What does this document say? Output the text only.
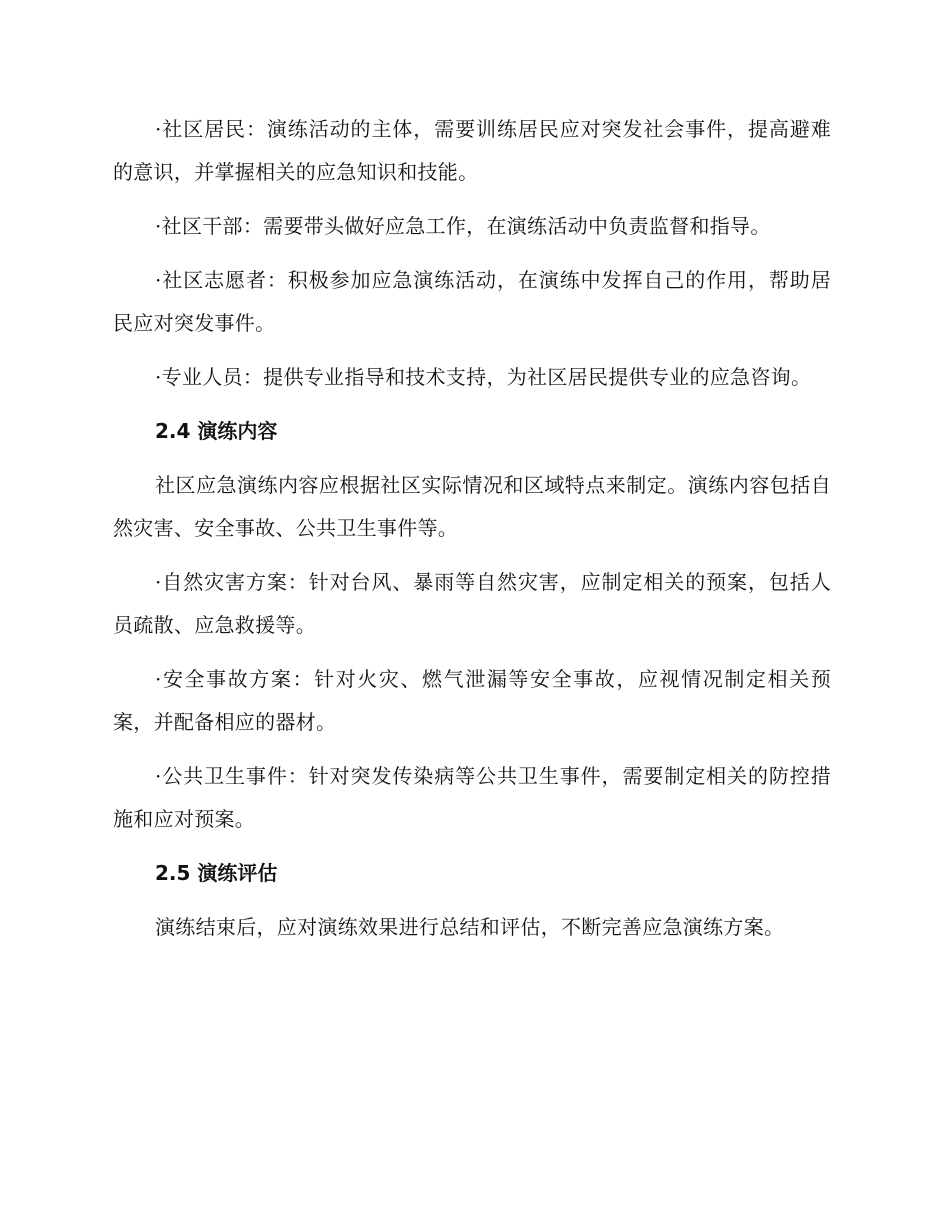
·社区居民：演练活动的主体，需要训练居民应对突发社会事件，提高避难的意识，并掌握相关的应急知识和技能。

·社区干部：需要带头做好应急工作，在演练活动中负责监督和指导。

·社区志愿者：积极参加应急演练活动，在演练中发挥自己的作用，帮助居民应对突发事件。

·专业人员：提供专业指导和技术支持，为社区居民提供专业的应急咨询。

2.4 演练内容

社区应急演练内容应根据社区实际情况和区域特点来制定。演练内容包括自然灾害、安全事故、公共卫生事件等。

·自然灾害方案：针对台风、暴雨等自然灾害，应制定相关的预案，包括人员疏散、应急救援等。

·安全事故方案：针对火灾、燃气泄漏等安全事故，应视情况制定相关预案，并配备相应的器材。

·公共卫生事件：针对突发传染病等公共卫生事件，需要制定相关的防控措施和应对预案。

2.5 演练评估

演练结束后，应对演练效果进行总结和评估，不断完善应急演练方案。
